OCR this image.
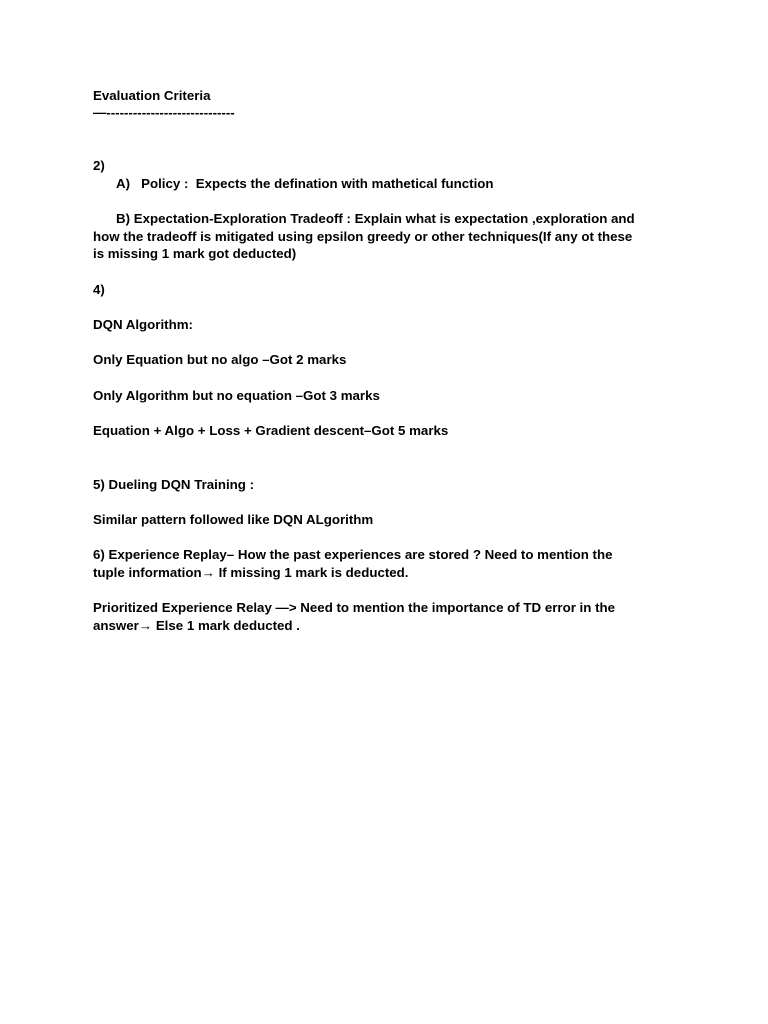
Evaluation Criteria
—-----------------------------
2)
A)   Policy :  Expects the defination with mathetical function
B) Expectation-Exploration Tradeoff : Explain what is expectation ,exploration and
how the tradeoff is mitigated using epsilon greedy or other techniques(If any ot these
is missing 1 mark got deducted)
4)
DQN Algorithm:
Only Equation but no algo –Got 2 marks
Only Algorithm but no equation –Got 3 marks
Equation + Algo + Loss + Gradient descent–Got 5 marks
5) Dueling DQN Training :
Similar pattern followed like DQN ALgorithm
6) Experience Replay– How the past experiences are stored ? Need to mention the
tuple information→ If missing 1 mark is deducted.
Prioritized Experience Relay —> Need to mention the importance of TD error in the
answer→ Else 1 mark deducted .
